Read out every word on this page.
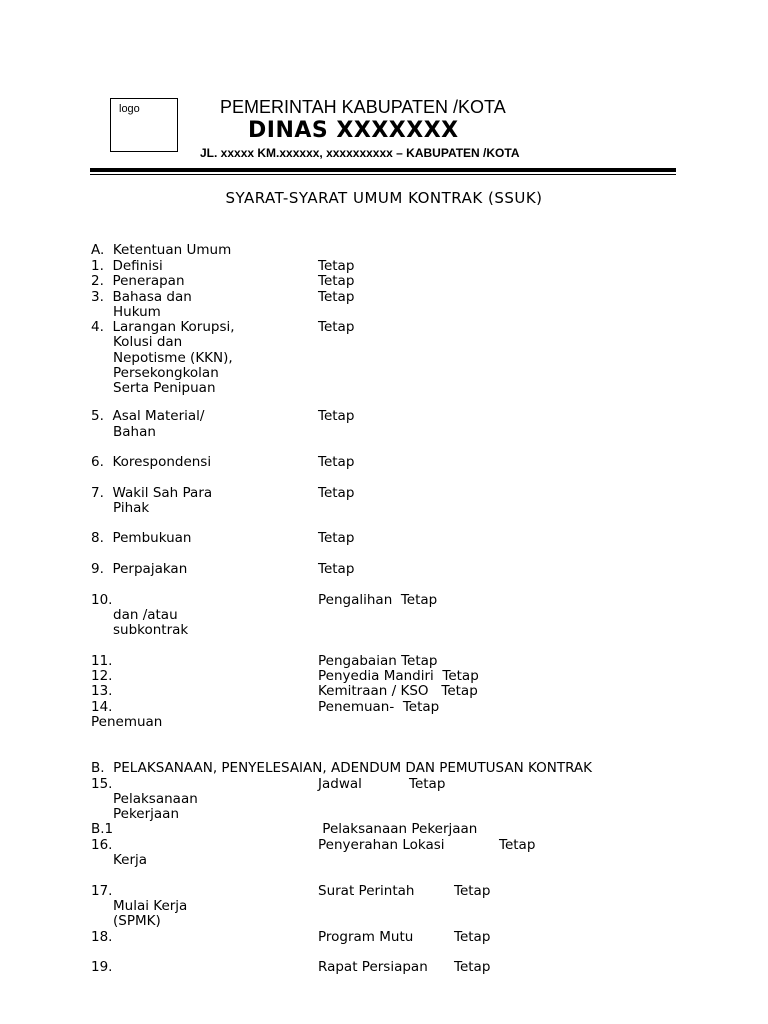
logo	PEMERINTAH KABUPATEN /KOTA
DINAS XXXXXXX
JL. xxxxx KM.xxxxxx, xxxxxxxxxx – KABUPATEN /KOTA
SYARAT-SYARAT UMUM KONTRAK (SSUK)
A.  Ketentuan Umum
1.  Definisi	Tetap
2.  Penerapan	Tetap
3.  Bahasa dan	Tetap
Hukum
4.  Larangan Korupsi,	Tetap
Kolusi dan
Nepotisme (KKN),
Persekongkolan
Serta Penipuan
5.  Asal Material/	Tetap
Bahan
6.  Korespondensi	Tetap
7.  Wakil Sah Para	Tetap
Pihak
8.  Pembukuan	Tetap
9.  Perpajakan	Tetap
10.	Pengalihan  Tetap
dan /atau
subkontrak
11.	Pengabaian Tetap
12.	Penyedia Mandiri  Tetap
13.	Kemitraan / KSO   Tetap
14.	Penemuan-  Tetap
Penemuan
B.  PELAKSANAAN, PENYELESAIAN, ADENDUM DAN PEMUTUSAN KONTRAK
15.	Jadwal	Tetap
Pelaksanaan
Pekerjaan
B.1	Pelaksanaan Pekerjaan
16.	Penyerahan Lokasi	Tetap
Kerja
17.	Surat Perintah	Tetap
Mulai Kerja
(SPMK)
18.	Program Mutu	Tetap
19.	Rapat Persiapan Tetap
